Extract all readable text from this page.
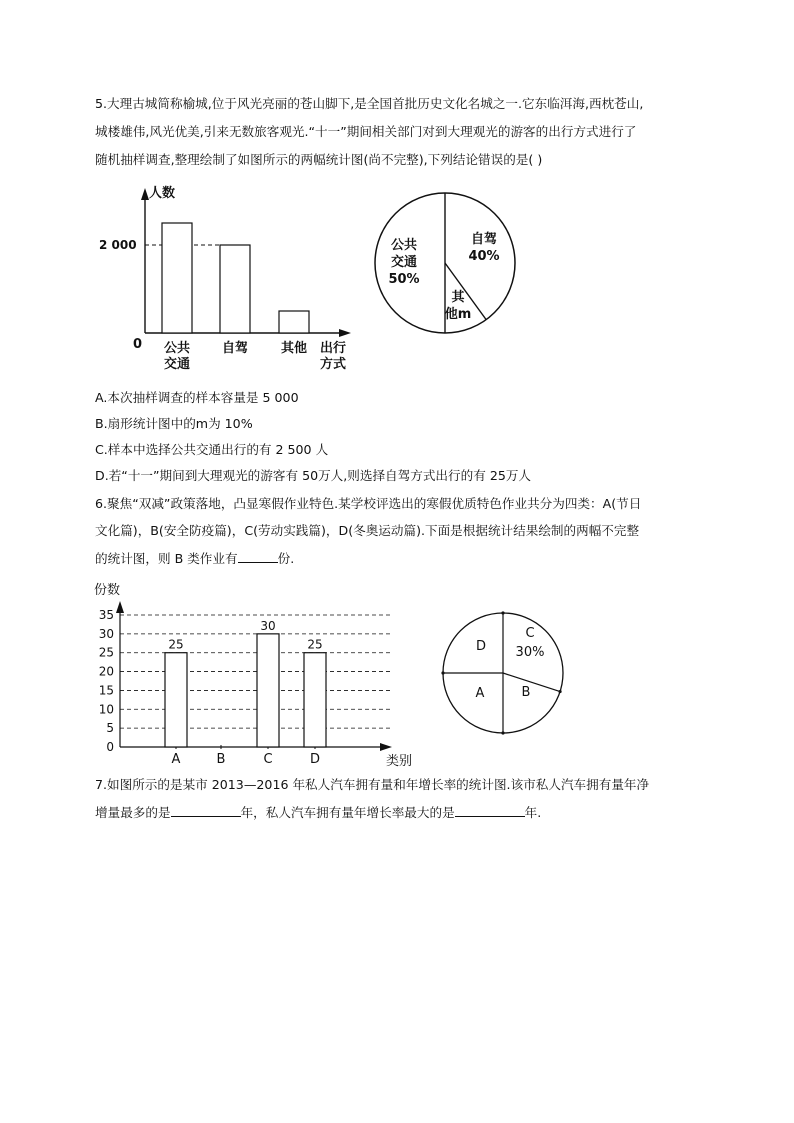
5.大理古城简称榆城,位于风光亮丽的苍山脚下,是全国首批历史文化名城之一.它东临洱海,西枕苍山,
城楼雄伟,风光优美,引来无数旅客观光.“十一”期间相关部门对到大理观光的游客的出行方式进行了
随机抽样调查,整理绘制了如图所示的两幅统计图(尚不完整),下列结论错误的是( )
人数
0
2 000
公共
交通
自驾	其他 出行
方式
公共
交通
50%
自驾
40%
其
他m
A.本次抽样调查的样本容量是 5 000
B.扇形统计图中的m为 10%
C.样本中选择公共交通出行的有 2 500 人
D.若“十一”期间到大理观光的游客有 50万人,则选择自驾方式出行的有 25万人
6.聚焦“双减”政策落地，凸显寒假作业特色.某学校评选出的寒假优质特色作业共分为四类：A(节日
文化篇)，B(安全防疫篇)，C(劳动实践篇)，D(冬奥运动篇).下面是根据统计结果绘制的两幅不完整
的统计图，则 B 类作业有	份.
份数
类别
0
5
10
15
20
25
30
35
A
25
B	C
30
D
25
C
30%
B
A
D
7.如图所示的是某市 2013—2016 年私人汽车拥有量和年增长率的统计图.该市私人汽车拥有量年净
增量最多的是	年，私人汽车拥有量年增长率最大的是	年.
